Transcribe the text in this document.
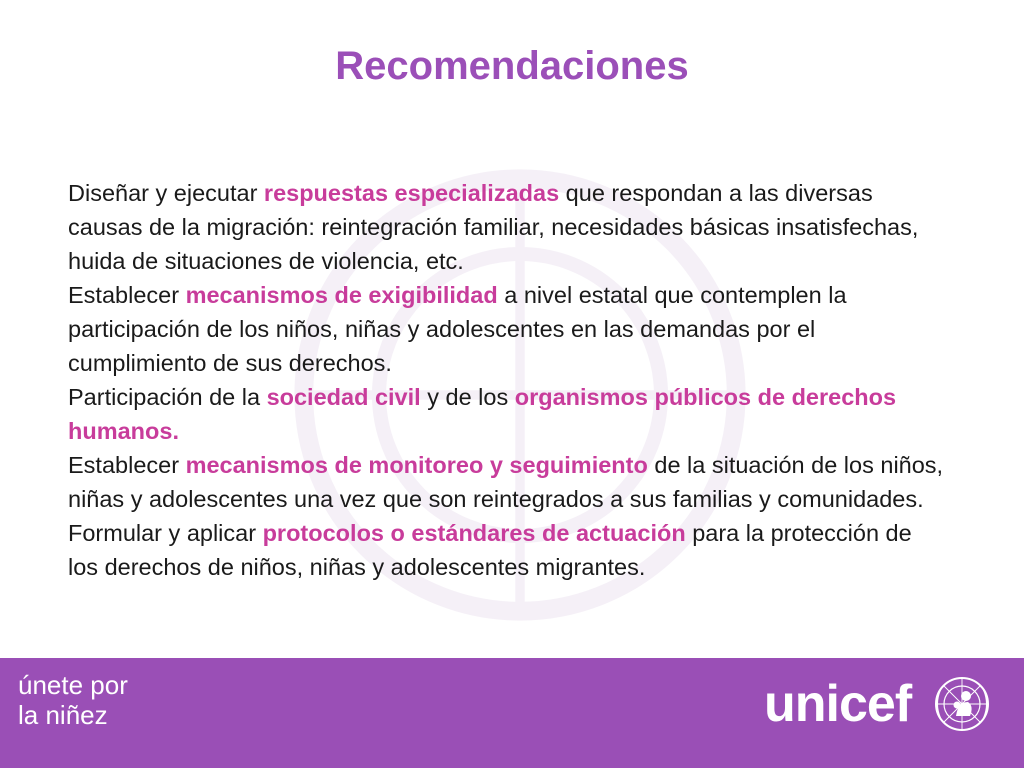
Recomendaciones

Diseñar y ejecutar respuestas especializadas que respondan a las diversas causas de la migración: reintegración familiar, necesidades básicas insatisfechas, huida de situaciones de violencia, etc.

Establecer mecanismos de exigibilidad a nivel estatal que contemplen la participación de los niños, niñas y adolescentes en las demandas por el cumplimiento de sus derechos.

Participación de la sociedad civil y de los organismos públicos de derechos humanos.

Establecer mecanismos de monitoreo y seguimiento de la situación de los niños, niñas y adolescentes una vez que son reintegrados a sus familias y comunidades.

Formular y aplicar protocolos o estándares de actuación para la protección de los derechos de niños, niñas y adolescentes migrantes.

únete por
la niñez	unicef
